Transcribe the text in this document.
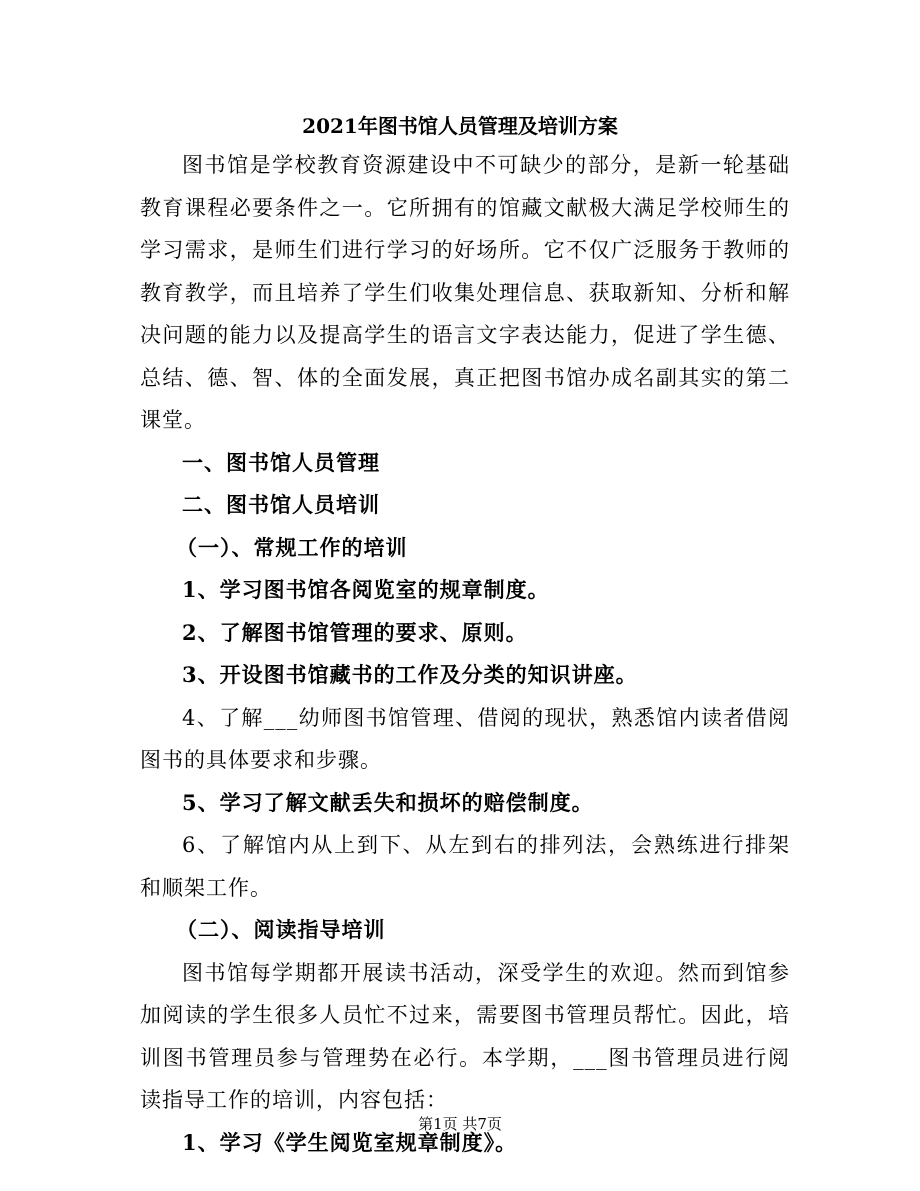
2021年图书馆人员管理及培训方案

图书馆是学校教育资源建设中不可缺少的部分，是新一轮基础教育课程必要条件之一。它所拥有的馆藏文献极大满足学校师生的学习需求，是师生们进行学习的好场所。它不仅广泛服务于教师的教育教学，而且培养了学生们收集处理信息、获取新知、分析和解决问题的能力以及提高学生的语言文字表达能力，促进了学生德、总结、德、智、体的全面发展，真正把图书馆办成名副其实的第二课堂。

一、图书馆人员管理

二、图书馆人员培训

（一）、常规工作的培训

1、学习图书馆各阅览室的规章制度。

2、了解图书馆管理的要求、原则。

3、开设图书馆藏书的工作及分类的知识讲座。

4、了解___幼师图书馆管理、借阅的现状，熟悉馆内读者借阅图书的具体要求和步骤。

5、学习了解文献丢失和损坏的赔偿制度。

6、了解馆内从上到下、从左到右的排列法，会熟练进行排架和顺架工作。

（二）、阅读指导培训

图书馆每学期都开展读书活动，深受学生的欢迎。然而到馆参加阅读的学生很多人员忙不过来，需要图书管理员帮忙。因此，培训图书管理员参与管理势在必行。本学期，___图书管理员进行阅读指导工作的培训，内容包括：

1、学习《学生阅览室规章制度》。

第1页 共7页
